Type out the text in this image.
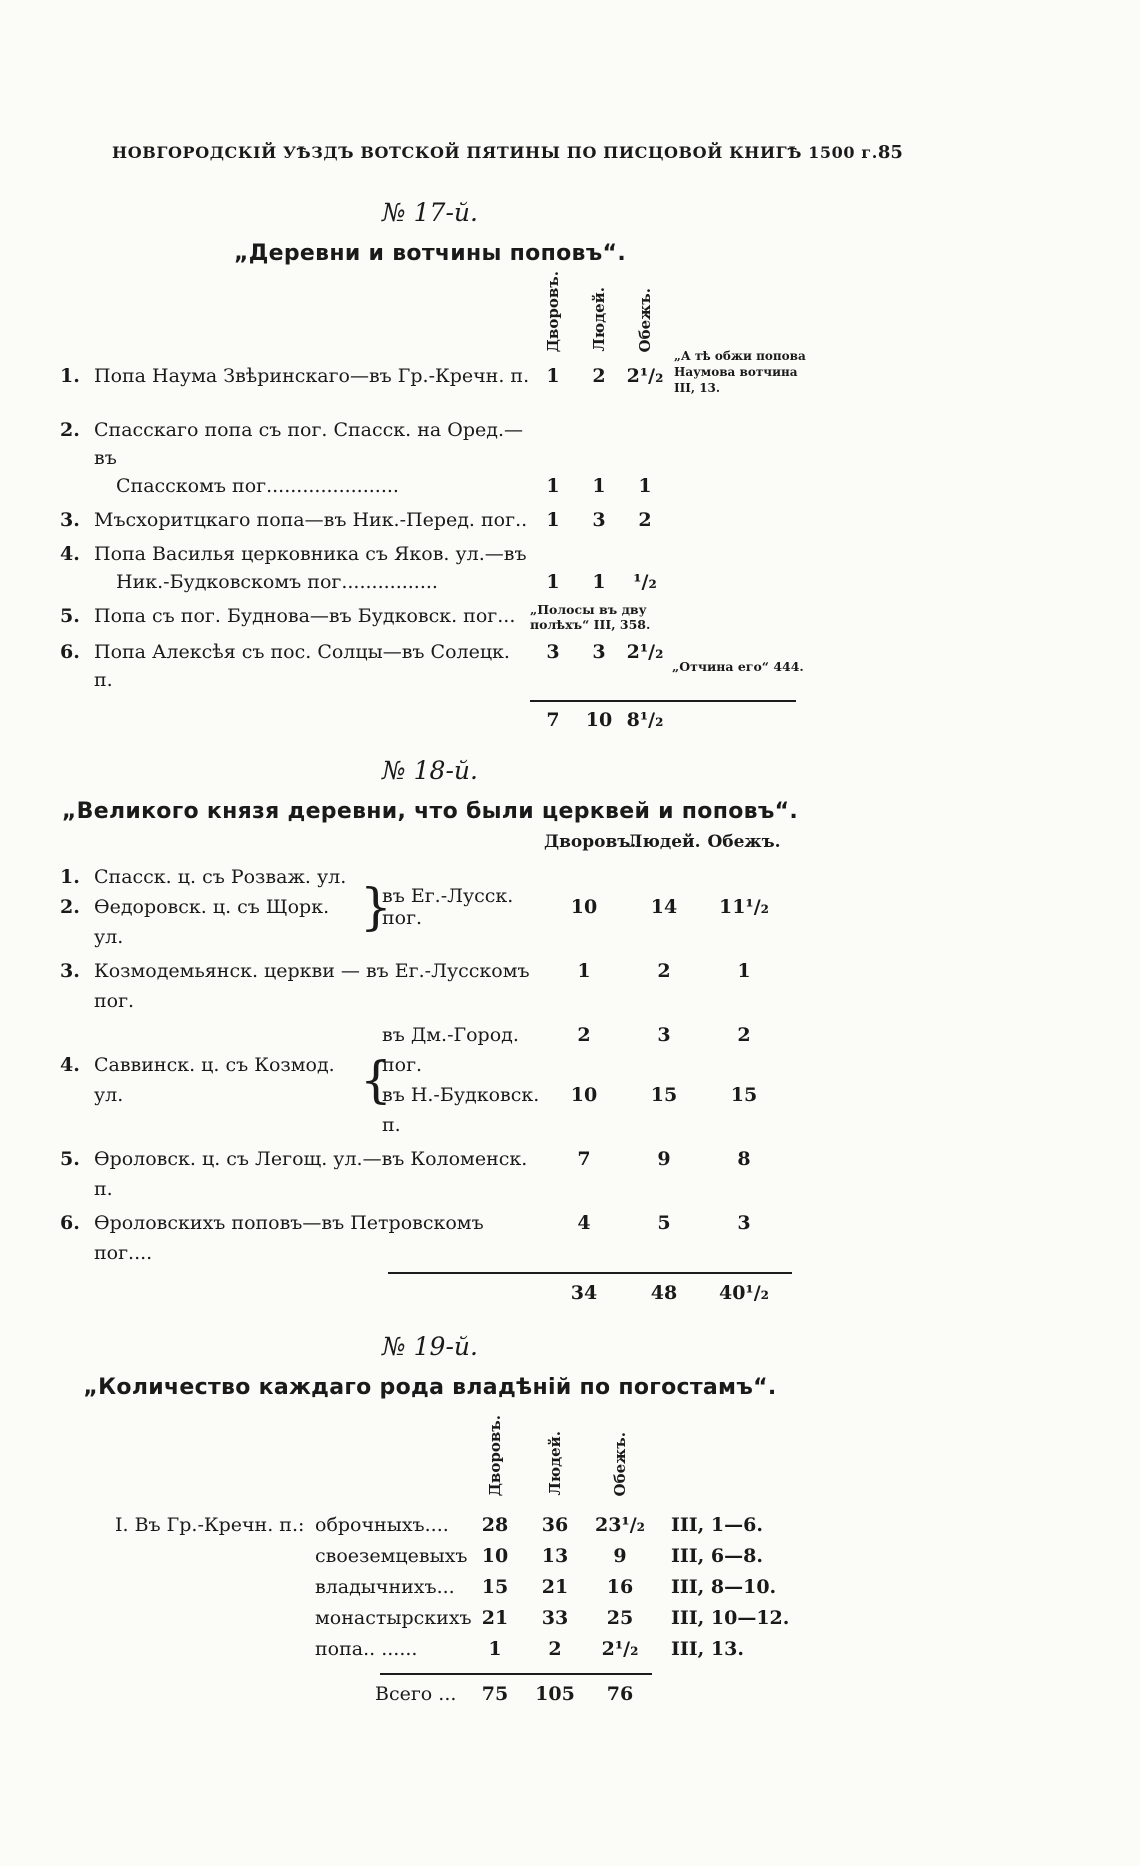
НОВГОРОДСКІЙ УѢЗДЪ ВОТСКОЙ ПЯТИНЫ ПО ПИСЦОВОЙ КНИГѢ 1500 г. 85
№ 17-й.
„Деревни и вотчины поповъ“.
Дворовъ. Людей. Обежъ.
1. Попа Наума Звѣринскаго—въ Гр.-Кречн. п. 1	2	2¹/₂
„А тѣ обжи попова Наумова вотчина III, 13.
2. Спасскаго попа съ пог. Спасск. на Оред.—въ
Спасскомъ пог......................	1	1	1
3. Мъсхоритцкаго попа—въ Ник.-Перед. пог..	1	3	2
4. Попа Василья церковника съ Яков. ул.—въ
Ник.-Будковскомъ пог................	1	1	¹/₂
5. Попа съ пог. Буднова—въ Будковск. пог...	„Полосы въ дву полѣхъ“ III, 358.
6. Попа Алексѣя съ пос. Солцы—въ Солецк. п.
3	3	2¹/₂
„Отчина его“ 444.
7	10 8¹/₂
№ 18-й.
„Великого князя деревни, что были церквей и поповъ“.
Дворовъ.
Людей. Обежъ.
1. Спасск. ц. съ Розваж. ул.
2. Ѳедоровск. ц. съ Щорк. ул.
}
въ Ег.-Лусск. пог.	10	14	11¹/₂
3. Козмодемьянск. церкви — въ Ег.-Лусскомъ пог.
1	2	1
4. Саввинск. ц. съ Козмод. ул.	{
въ Дм.-Город. пог.
2	3	2
въ Н.-Будковск. п.
10	15	15
5. Ѳроловск. ц. съ Легощ. ул.—въ Коломенск. п.
7	9	8
6. Ѳроловскихъ поповъ—въ Петровскомъ пог....
4	5	3
34	48	40¹/₂
№ 19-й.
„Количество каждаго рода владѣній по погостамъ“.
Дворовъ.	Людей.	Обежъ.
I. Въ Гр.-Кречн. п.: оброчныхъ....	28	36	23¹/₂	III, 1—6.
своеземцевыхъ 10	13	9	III, 6—8.
владычнихъ...	15	21	16	III, 8—10.
монастырскихъ 21	33	25	III, 10—12.
попа.. ......	1	2	2¹/₂	III, 13.
Всего ...	75	105	76
